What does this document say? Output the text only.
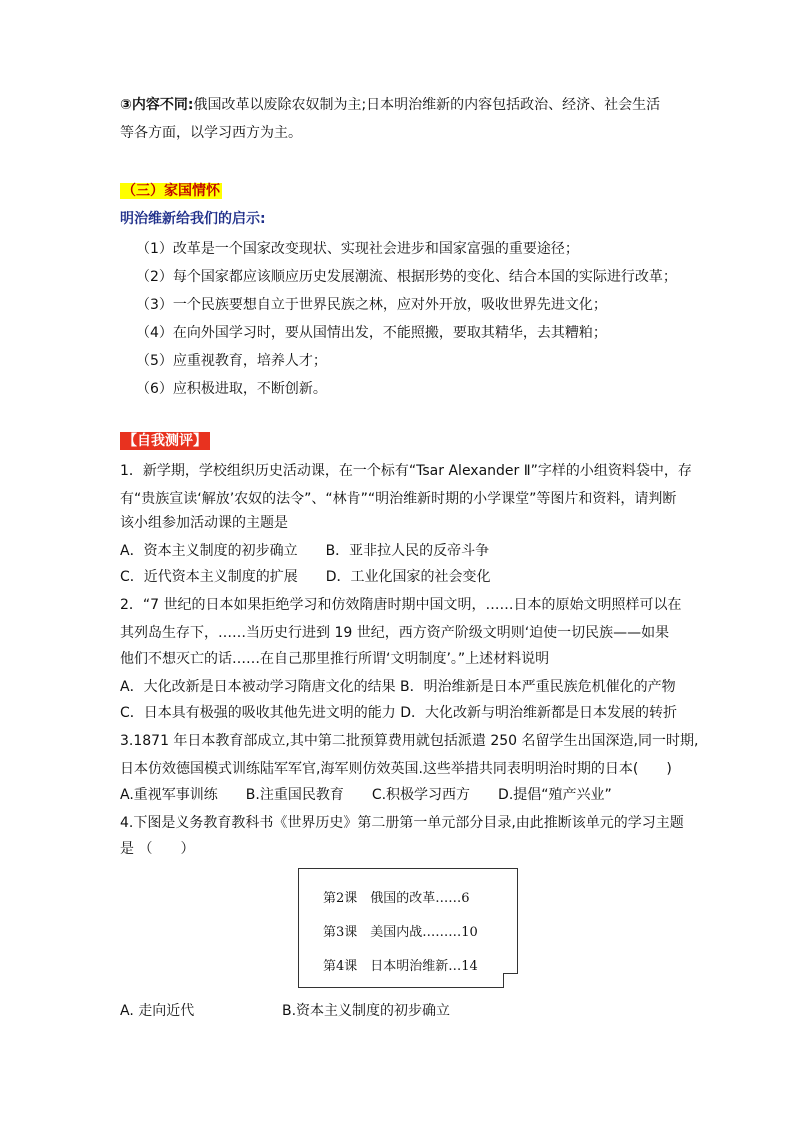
③内容不同:俄国改革以废除农奴制为主;日本明治维新的内容包括政治、经济、社会生活
等各方面，以学习西方为主。
（三）家国情怀
明治维新给我们的启示:
（1）改革是一个国家改变现状、实现社会进步和国家富强的重要途径；
（2）每个国家都应该顺应历史发展潮流、根据形势的变化、结合本国的实际进行改革；
（3）一个民族要想自立于世界民族之林，应对外开放，吸收世界先进文化；
（4）在向外国学习时，要从国情出发，不能照搬，要取其精华，去其糟粕；
（5）应重视教育，培养人才；
（6）应积极进取，不断创新。
【自我测评】
1．新学期，学校组织历史活动课，在一个标有“Tsar Alexander Ⅱ”字样的小组资料袋中，存
有“贵族宣读‘解放’农奴的法令”、“林肯”“明治维新时期的小学课堂”等图片和资料，请判断
该小组参加活动课的主题是
A．资本主义制度的初步确立　　B．亚非拉人民的反帝斗争
C．近代资本主义制度的扩展　　D．工业化国家的社会变化
2．“7 世纪的日本如果拒绝学习和仿效隋唐时期中国文明，……日本的原始文明照样可以在
其列岛生存下，……当历史行进到 19 世纪，西方资产阶级文明则‘迫使一切民族——如果
他们不想灭亡的话……在自己那里推行所谓‘文明制度’。”上述材料说明
A．大化改新是日本被动学习隋唐文化的结果 B．明治维新是日本严重民族危机催化的产物
C．日本具有极强的吸收其他先进文明的能力 D．大化改新与明治维新都是日本发展的转折
3.1871 年日本教育部成立,其中第二批预算费用就包括派遣 250 名留学生出国深造,同一时期,
日本仿效德国模式训练陆军军官,海军则仿效英国.这些举措共同表明明治时期的日本(　　)
A.重视军事训练　　B.注重国民教育　　C.积极学习西方　　D.提倡“殖产兴业”
4.下图是义务教育教科书《世界历史》第二册第一单元部分目录,由此推断该单元的学习主题
是 （　　）
第2课　俄国的改革……6
第3课　美国内战………10
第4课　日本明治维新…14
A. 走向近代	B.资本主义制度的初步确立
